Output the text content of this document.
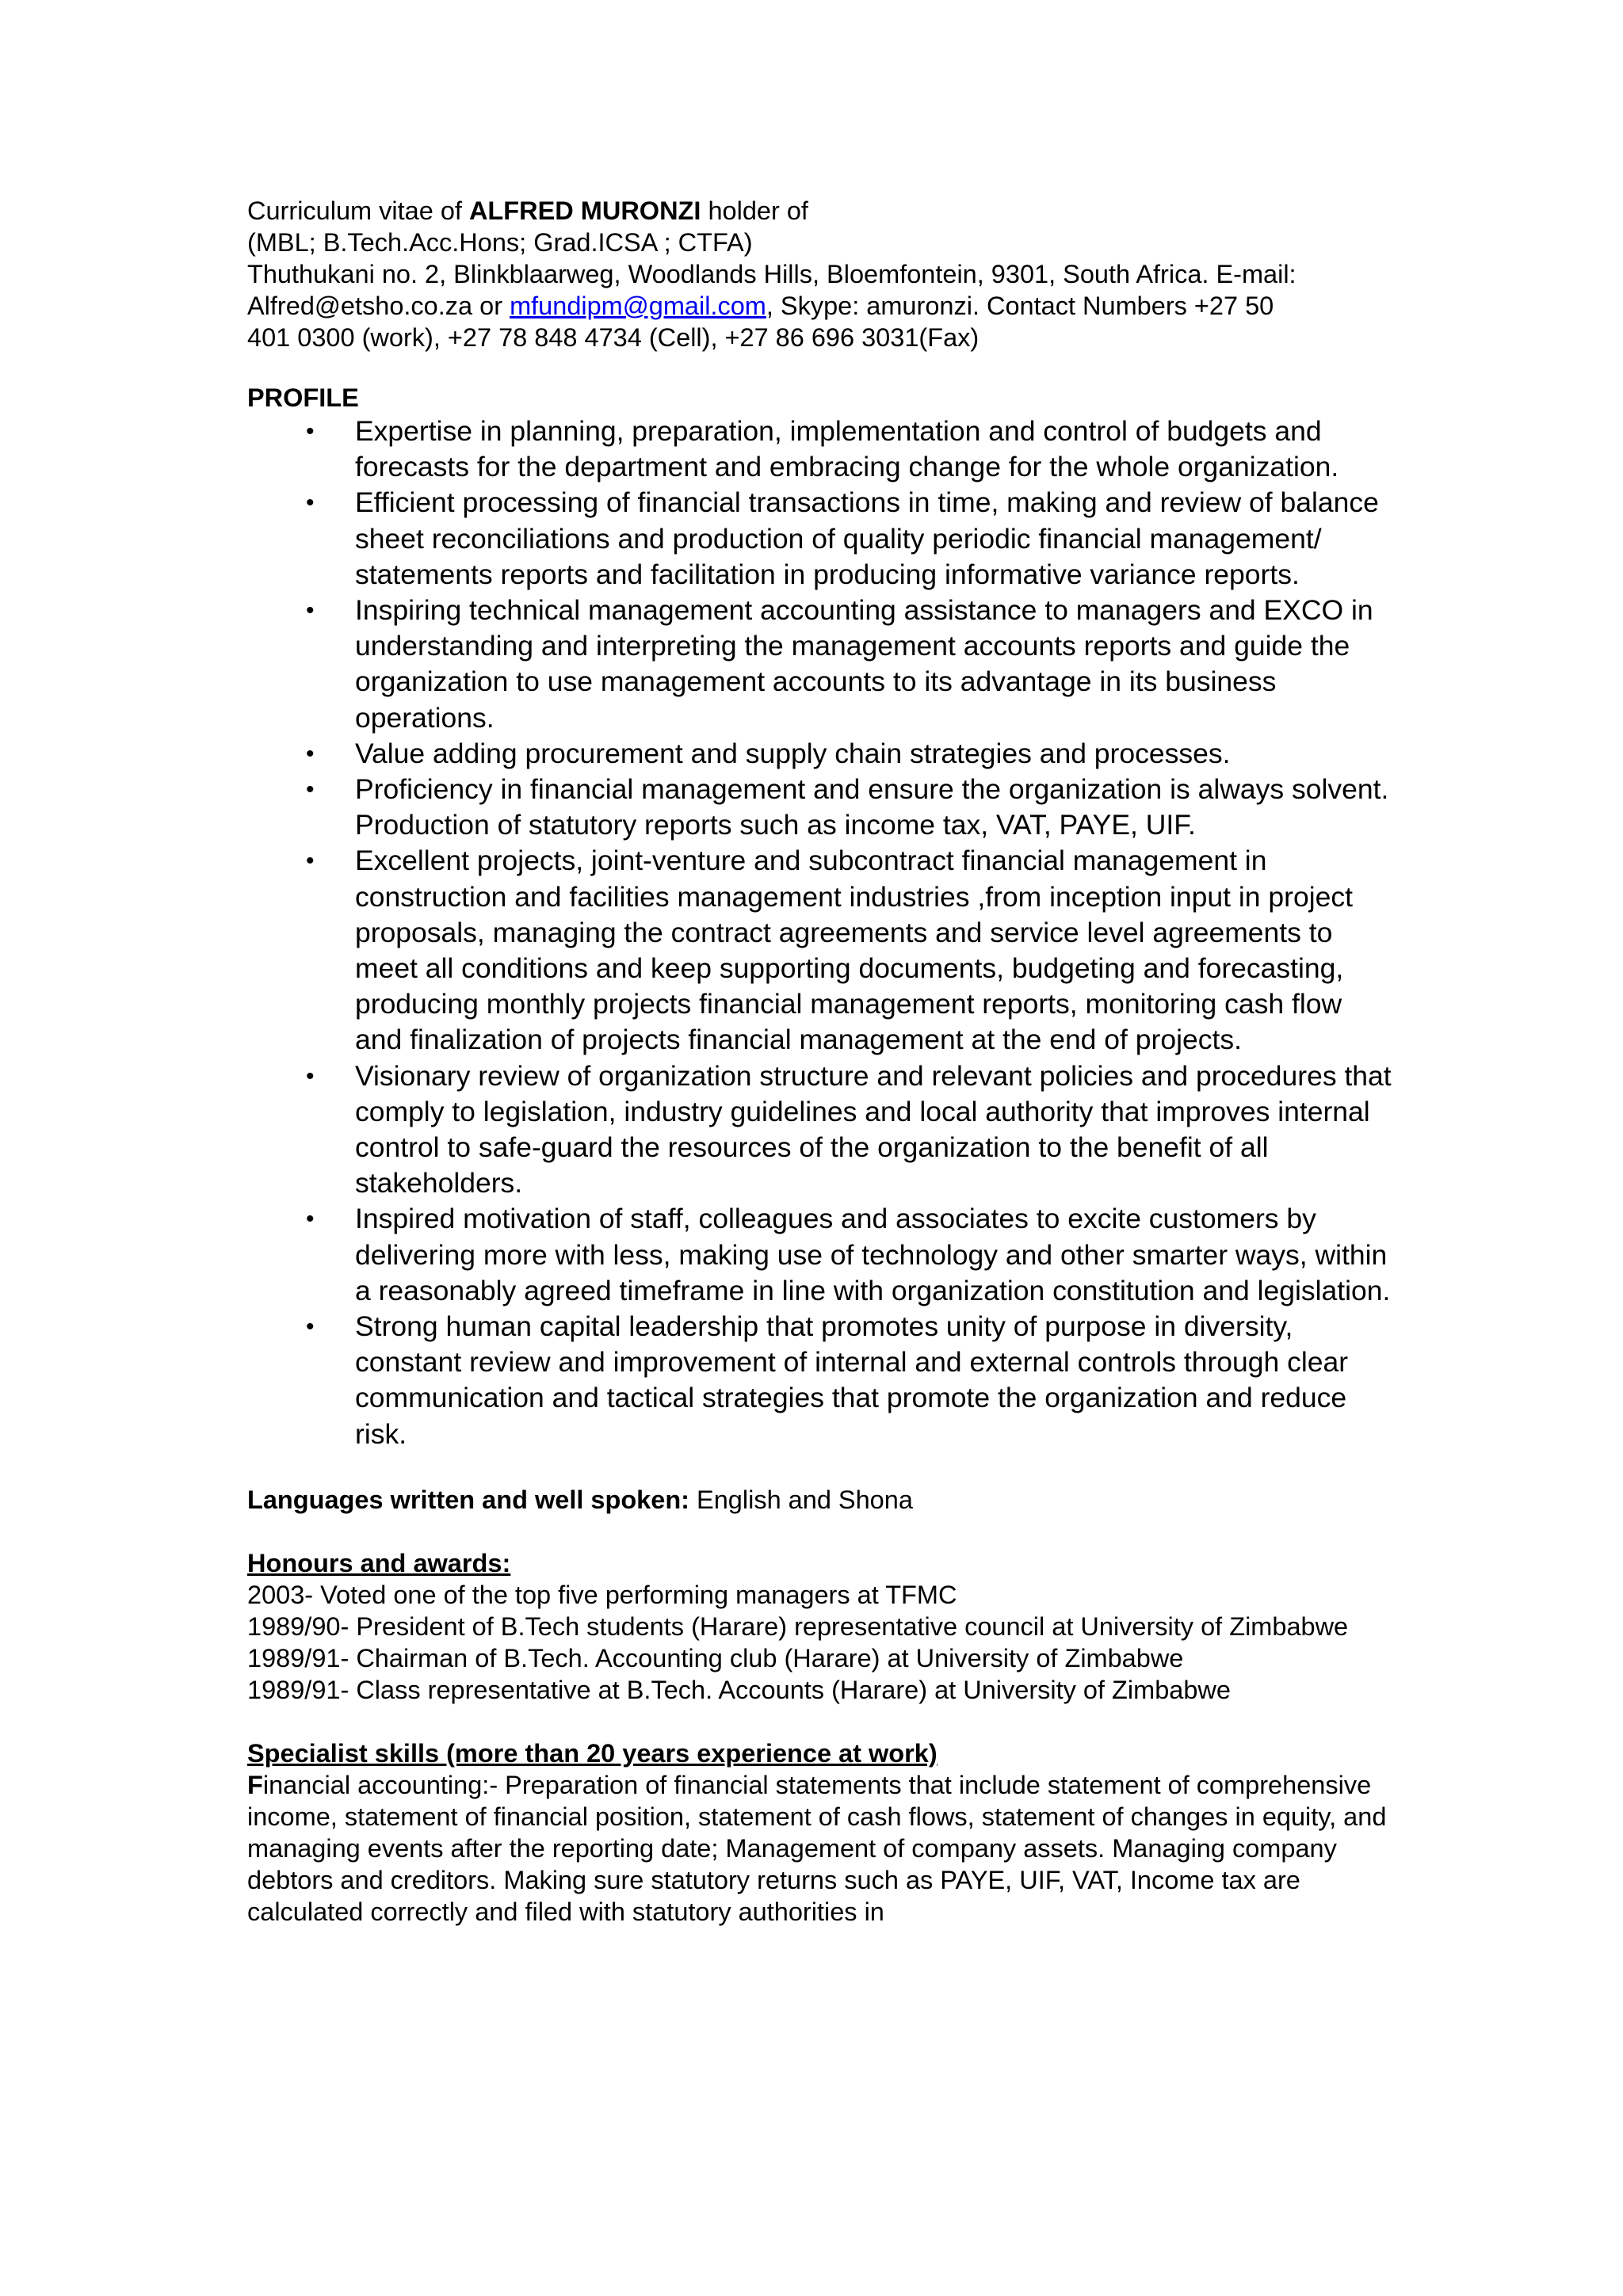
Curriculum vitae of ALFRED MURONZI holder of
(MBL; B.Tech.Acc.Hons; Grad.ICSA ; CTFA)
Thuthukani no. 2, Blinkblaarweg, Woodlands Hills, Bloemfontein, 9301, South Africa. E-mail:
Alfred@etsho.co.za or mfundipm@gmail.com, Skype: amuronzi. Contact Numbers +27 50
401 0300 (work), +27 78 848 4734 (Cell), +27 86 696 3031(Fax)
PROFILE
• Expertise in planning, preparation, implementation and control of budgets and forecasts for the department and embracing change for the whole organization.
• Efficient processing of financial transactions in time, making and review of balance sheet reconciliations and production of quality periodic financial management/ statements reports and facilitation in producing informative variance reports.
• Inspiring technical management accounting assistance to managers and EXCO in understanding and interpreting the management accounts reports and guide the organization to use management accounts to its advantage in its business operations.
• Value adding procurement and supply chain strategies and processes.
• Proficiency in financial management and ensure the organization is always solvent. Production of statutory reports such as income tax, VAT, PAYE, UIF.
• Excellent projects, joint-venture and subcontract financial management in construction and facilities management industries ,from inception input in project proposals, managing the contract agreements and service level agreements to meet all conditions and keep supporting documents, budgeting and forecasting, producing monthly projects financial management reports, monitoring cash flow and finalization of projects financial management at the end of projects.
• Visionary review of organization structure and relevant policies and procedures that comply to legislation, industry guidelines and local authority that improves internal control to safe-guard the resources of the organization to the benefit of all stakeholders.
• Inspired motivation of staff, colleagues and associates to excite customers by delivering more with less, making use of technology and other smarter ways, within a reasonably agreed timeframe in line with organization constitution and legislation.
• Strong human capital leadership that promotes unity of purpose in diversity, constant review and improvement of internal and external controls through clear communication and tactical strategies that promote the organization and reduce risk.
Languages written and well spoken: English and Shona
Honours and awards:
2003- Voted one of the top five performing managers at TFMC
1989/90- President of B.Tech students (Harare) representative council at University of Zimbabwe
1989/91- Chairman of B.Tech. Accounting club (Harare) at University of Zimbabwe
1989/91- Class representative at B.Tech. Accounts (Harare) at University of Zimbabwe
Specialist skills (more than 20 years experience at work)
Financial accounting:- Preparation of financial statements that include statement of comprehensive income, statement of financial position, statement of cash flows, statement of changes in equity, and managing events after the reporting date; Management of company assets. Managing company debtors and creditors. Making sure statutory returns such as PAYE, UIF, VAT, Income tax are calculated correctly and filed with statutory authorities in
